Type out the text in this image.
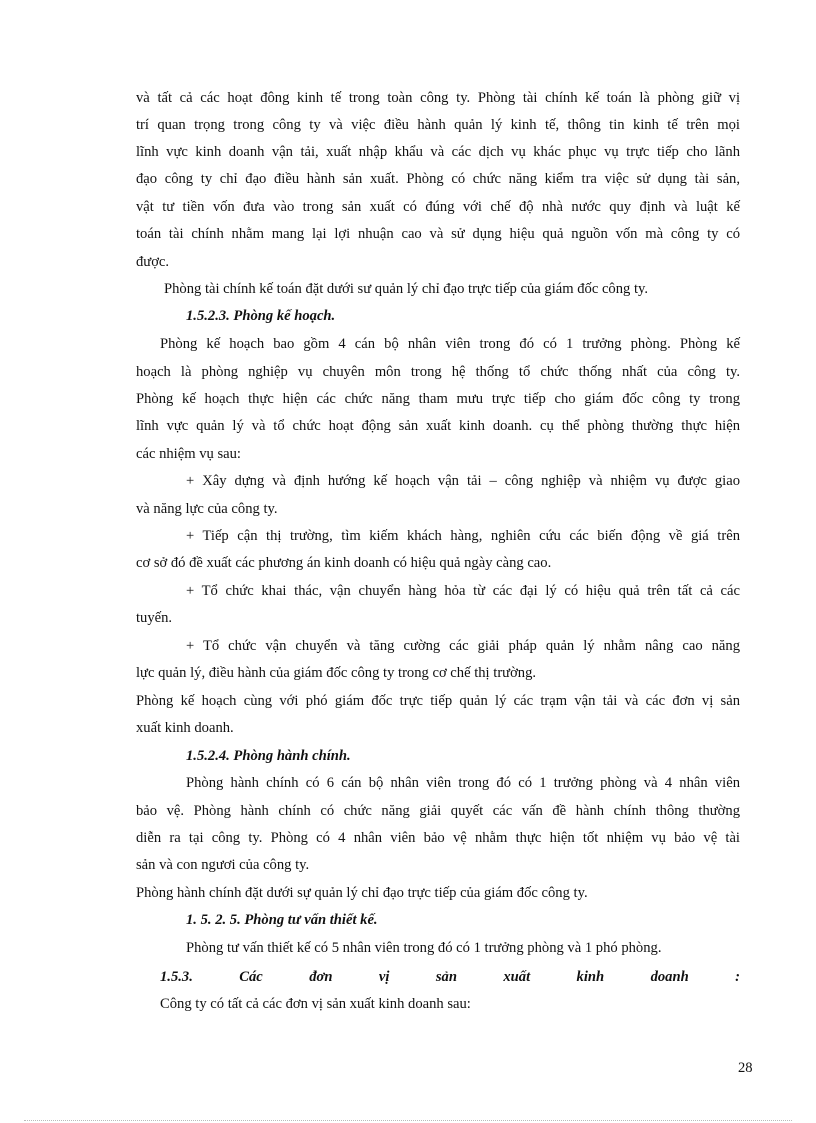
và tất cả các hoạt đông kinh tế trong toàn công ty. Phòng tài chính kế toán là phòng giữ vị
trí quan trọng trong công ty và việc điều hành quản lý kinh tế, thông tin kinh tế trên mọi
lĩnh vực kinh doanh vận tải, xuất nhập khẩu và các dịch vụ khác phục vụ trực tiếp cho lãnh
đạo công ty chỉ đạo điều hành sản xuất. Phòng có chức năng kiểm tra việc sử dụng tài sản,
vật tư tiền vốn đưa vào trong sản xuất có đúng với chế độ nhà nước quy định và luật kế
toán tài chính nhằm mang lại lợi nhuận cao và sử dụng hiệu quả nguồn vốn mà công ty có
được.
Phòng tài chính kế toán đặt dưới sư quản lý chỉ đạo trực tiếp của giám đốc công ty.
1.5.2.3. Phòng kế hoạch.
Phòng kế hoạch bao gồm 4 cán bộ nhân viên trong đó có 1 trưởng phòng. Phòng kế
hoạch là phòng nghiệp vụ chuyên môn trong hệ thống tổ chức thống nhất của công ty.
Phòng kế hoạch thực hiện các chức năng tham mưu trực tiếp cho giám đốc công ty trong
lĩnh vực quản lý và tổ chức hoạt động sản xuất kinh doanh. cụ thể phòng thường thực hiện
các nhiệm vụ sau:
+ Xây dựng và định hướng kế hoạch vận tải – công nghiệp và nhiệm vụ được giao
và năng lực của công ty.
+ Tiếp cận thị trường, tìm kiếm khách hàng, nghiên cứu các biến động về giá trên
cơ sở đó đề xuất các phương án kinh doanh có hiệu quả ngày càng cao.
+ Tổ chức khai thác, vận chuyển hàng hỏa từ các đại lý có hiệu quả trên tất cả các
tuyến.
+ Tổ chức vận chuyển và tăng cường các giải pháp quản lý nhằm nâng cao năng
lực quản lý, điều hành của giám đốc công ty trong cơ chế thị trường.
Phòng kế hoạch cùng với phó giám đốc trực tiếp quản lý các trạm vận tải và các đơn vị sản
xuất kinh doanh.
1.5.2.4. Phòng hành chính.
Phòng hành chính có 6 cán bộ nhân viên trong đó có 1 trưởng phòng và 4 nhân viên
bảo vệ. Phòng hành chính có chức năng giải quyết các vấn đề hành chính thông thường
diễn ra tại công ty. Phòng có 4 nhân viên bảo vệ nhằm thực hiện tốt nhiệm vụ bảo vệ tài
sản và con ngươi của công ty.
Phòng hành chính đặt dưới sự quản lý chỉ đạo trực tiếp của giám đốc công ty.
1. 5. 2. 5. Phòng tư vấn thiết kế.
Phòng tư vấn thiết kế có 5 nhân viên trong đó có 1 trưởng phòng và 1 phó phòng.
Công ty có tất cả các đơn vị sản xuất kinh doanh sau:
1.5.3.	Các	đơn	vị	sản	xuất	kinh	doanh	:
28
